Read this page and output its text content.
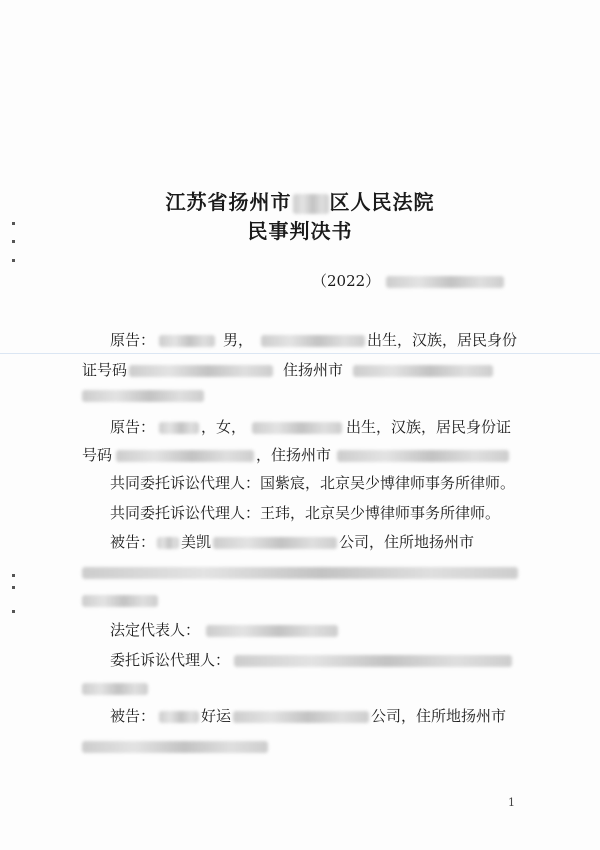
江苏省扬州市 区人民法院
民事判决书
（2022）
原告：	男，	出生，汉族，居民身份
证号码	住扬州市
原告：	，女，	出生，汉族，居民身份证
号码	，住扬州市
共同委托诉讼代理人：国紫宸，北京吴少博律师事务所律师。
共同委托诉讼代理人：王玮，北京吴少博律师事务所律师。
被告： 美凯	公司，住所地扬州市
法定代表人：
委托诉讼代理人：
被告：	好运	公司，住所地扬州市
1
